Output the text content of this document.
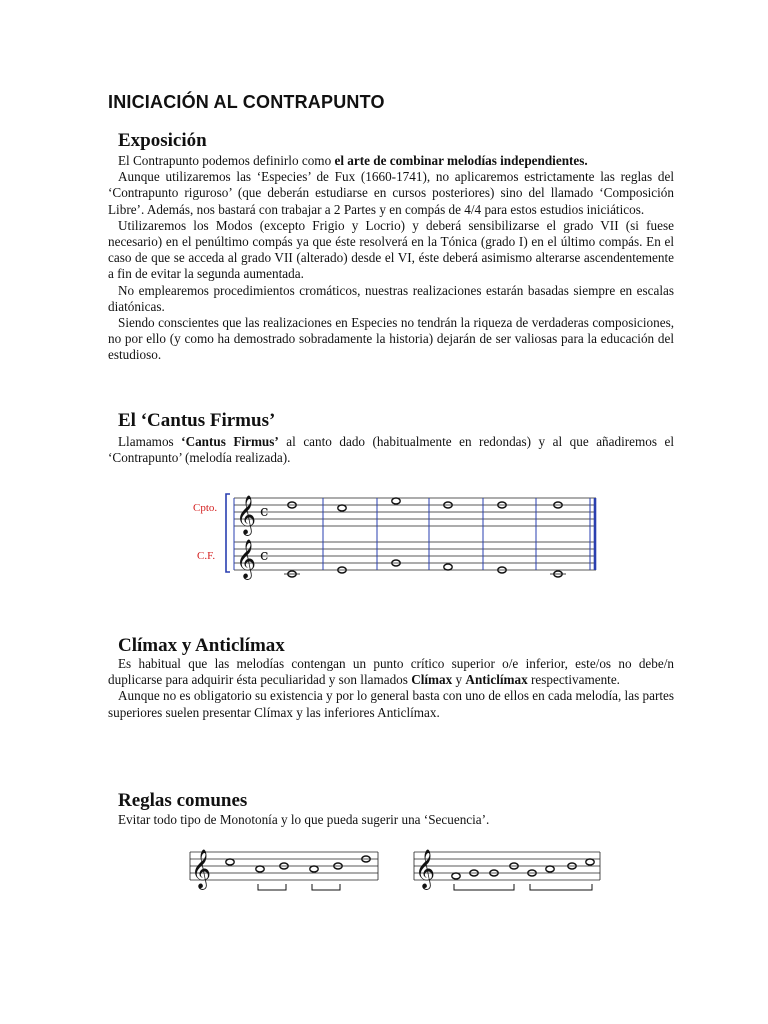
INICIACIÓN AL CONTRAPUNTO
Exposición

El Contrapunto podemos definirlo como el arte de combinar melodías independientes.

Aunque utilizaremos las ‘Especies’ de Fux (1660-1741), no aplicaremos estrictamente las reglas del ‘Contrapunto riguroso’ (que deberán estudiarse en cursos posteriores) sino del llamado ‘Composición Libre’. Además, nos bastará con trabajar a 2 Partes y en compás de 4/4 para estos estudios iniciáticos.

Utilizaremos los Modos (excepto Frigio y Locrio) y deberá sensibilizarse el grado VII (si fuese necesario) en el penúltimo compás ya que éste resolverá en la Tónica (grado I) en el último compás. En el caso de que se acceda al grado VII (alterado) desde el VI, éste deberá asimismo alterarse ascendentemente a fin de evitar la segunda aumentada.

No emplearemos procedimientos cromáticos, nuestras realizaciones estarán basadas siempre en escalas diatónicas.

Siendo conscientes que las realizaciones en Especies no tendrán la riqueza de verdaderas composiciones, no por ello (y como ha demostrado sobradamente la historia) dejarán de ser valiosas para la educación del estudioso.

El ‘Cantus Firmus’

Llamamos ‘Cantus Firmus’ al canto dado (habitualmente en redondas) y al que añadiremos el ‘Contrapunto’ (melodía realizada).

Cpto.
C.F.
𝄞
𝄞
c
c
Clímax y Anticlímax

Es habitual que las melodías contengan un punto crítico superior o/e inferior, este/os no debe/n duplicarse para adquirir ésta peculiaridad y son llamados Clímax y Anticlímax respectivamente.

Aunque no es obligatorio su existencia y por lo general basta con uno de ellos en cada melodía, las partes superiores suelen presentar Clímax y las inferiores Anticlímax.

Reglas comunes

Evitar todo tipo de Monotonía y lo que pueda sugerir una ‘Secuencia’.

𝄞	𝄞
